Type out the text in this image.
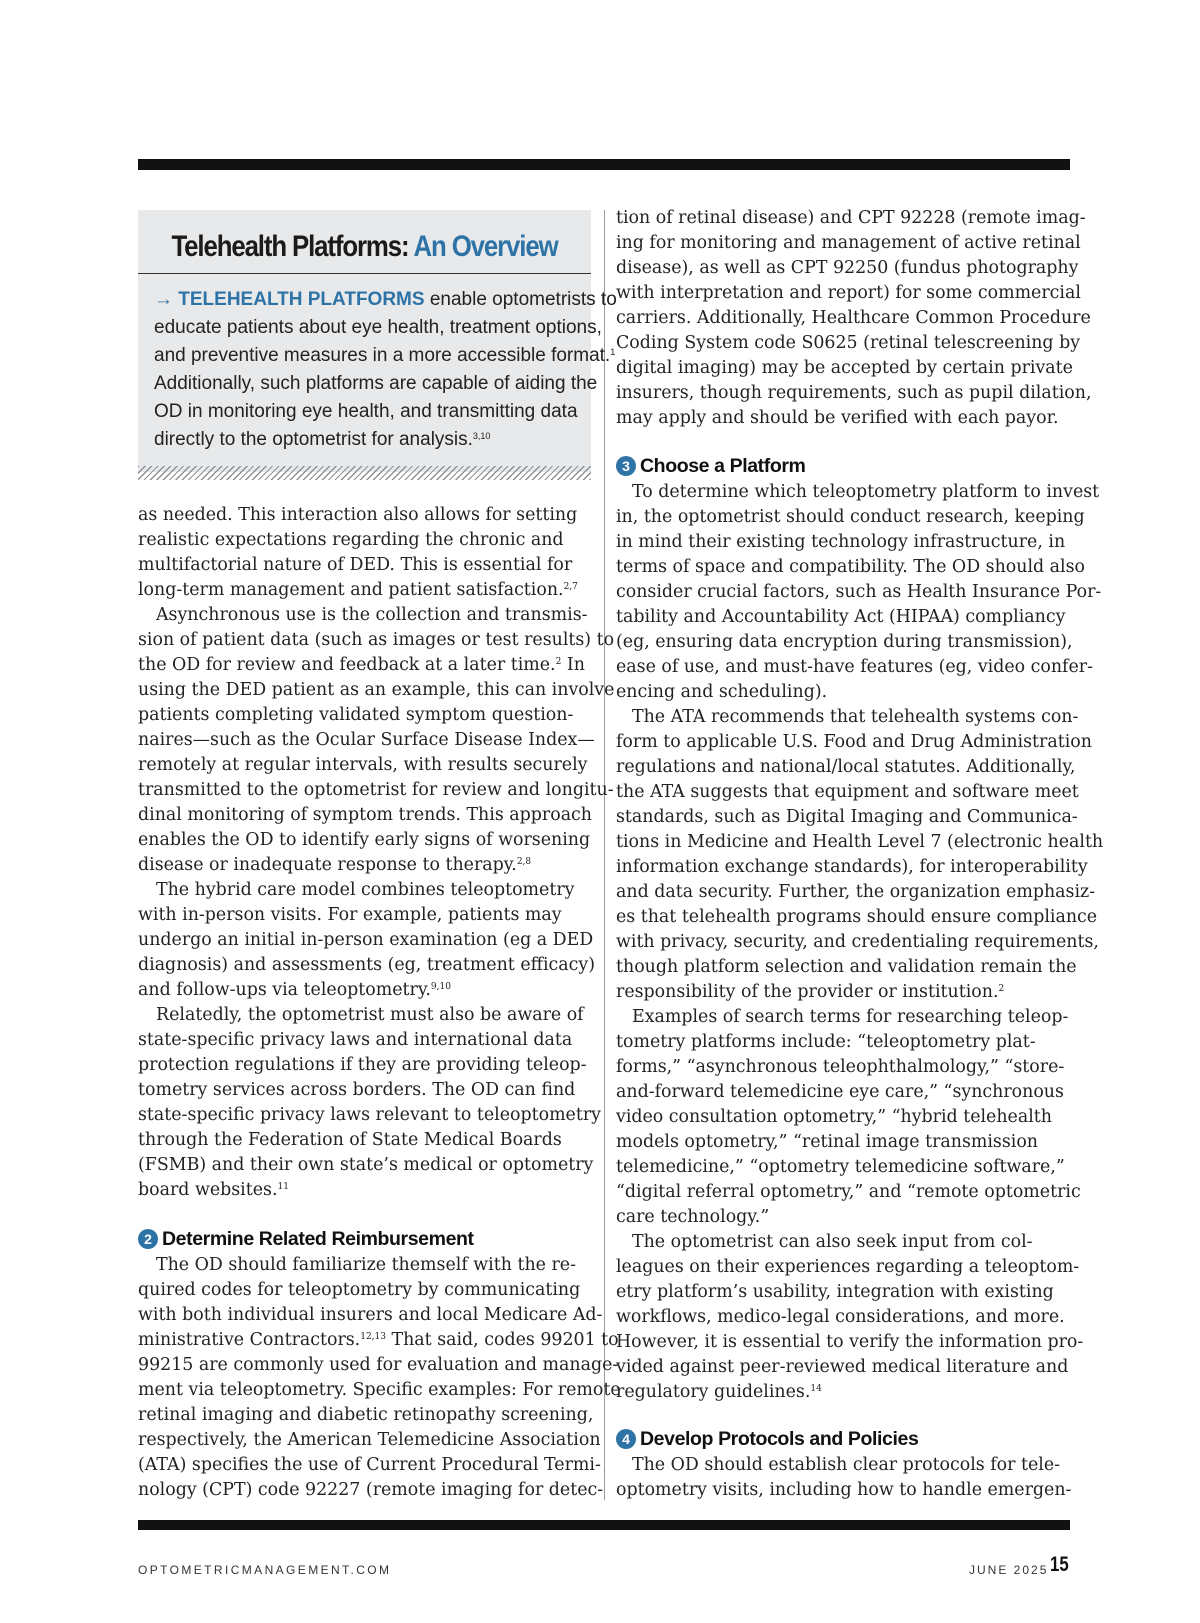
Telehealth Platforms: An Overview

→ TELEHEALTH PLATFORMS enable optometrists to
educate patients about eye health, treatment options,
and preventive measures in a more accessible format.$^1$
Additionally, such platforms are capable of aiding the
OD in monitoring eye health, and transmitting data
directly to the optometrist for analysis.$^{3,10}$

as needed. This interaction also allows for setting
realistic expectations regarding the chronic and
multifactorial nature of DED. This is essential for
long-term management and patient satisfaction.$^{2,7}$
Asynchronous use is the collection and transmis-
sion of patient data (such as images or test results) to
the OD for review and feedback at a later time.$^2$ In
using the DED patient as an example, this can involve
patients completing validated symptom question-
naires—such as the Ocular Surface Disease Index—
remotely at regular intervals, with results securely
transmitted to the optometrist for review and longitu-
dinal monitoring of symptom trends. This approach
enables the OD to identify early signs of worsening
disease or inadequate response to therapy.$^{2,8}$
The hybrid care model combines teleoptometry
with in-person visits. For example, patients may
undergo an initial in-person examination (eg a DED
diagnosis) and assessments (eg, treatment efficacy)
and follow-ups via teleoptometry.$^{9,10}$
Relatedly, the optometrist must also be aware of
state-specific privacy laws and international data
protection regulations if they are providing teleop-
tometry services across borders. The OD can find
state-specific privacy laws relevant to teleoptometry
through the Federation of State Medical Boards
(FSMB) and their own state’s medical or optometry
board websites.$^{11}$
2 Determine Related Reimbursement
The OD should familiarize themself with the re-
quired codes for teleoptometry by communicating
with both individual insurers and local Medicare Ad-
ministrative Contractors.$^{12,13}$ That said, codes 99201 to
99215 are commonly used for evaluation and manage-
ment via teleoptometry. Specific examples: For remote
retinal imaging and diabetic retinopathy screening,
respectively, the American Telemedicine Association
(ATA) specifies the use of Current Procedural Termi-
nology (CPT) code 92227 (remote imaging for detec-
tion of retinal disease) and CPT 92228 (remote imag-
ing for monitoring and management of active retinal
disease), as well as CPT 92250 (fundus photography
with interpretation and report) for some commercial
carriers. Additionally, Healthcare Common Procedure
Coding System code S0625 (retinal telescreening by
digital imaging) may be accepted by certain private
insurers, though requirements, such as pupil dilation,
may apply and should be verified with each payor.
3 Choose a Platform
To determine which teleoptometry platform to invest
in, the optometrist should conduct research, keeping
in mind their existing technology infrastructure, in
terms of space and compatibility. The OD should also
consider crucial factors, such as Health Insurance Por-
tability and Accountability Act (HIPAA) compliancy
(eg, ensuring data encryption during transmission),
ease of use, and must-have features (eg, video confer-
encing and scheduling).
The ATA recommends that telehealth systems con-
form to applicable U.S. Food and Drug Administration
regulations and national/local statutes. Additionally,
the ATA suggests that equipment and software meet
standards, such as Digital Imaging and Communica-
tions in Medicine and Health Level 7 (electronic health
information exchange standards), for interoperability
and data security. Further, the organization emphasiz-
es that telehealth programs should ensure compliance
with privacy, security, and credentialing requirements,
though platform selection and validation remain the
responsibility of the provider or institution.$^2$
Examples of search terms for researching teleop-
tometry platforms include: “teleoptometry plat-
forms,” “asynchronous teleophthalmology,” “store-
and-forward telemedicine eye care,” “synchronous
video consultation optometry,” “hybrid telehealth
models optometry,” “retinal image transmission
telemedicine,” “optometry telemedicine software,”
“digital referral optometry,” and “remote optometric
care technology.”
The optometrist can also seek input from col-
leagues on their experiences regarding a teleoptom-
etry platform’s usability, integration with existing
workflows, medico-legal considerations, and more.
However, it is essential to verify the information pro-
vided against peer-reviewed medical literature and
regulatory guidelines.$^{14}$
4 Develop Protocols and Policies
The OD should establish clear protocols for tele-
optometry visits, including how to handle emergen-
OPTOMETRICMANAGEMENT.COM	JUNE 2025 15
